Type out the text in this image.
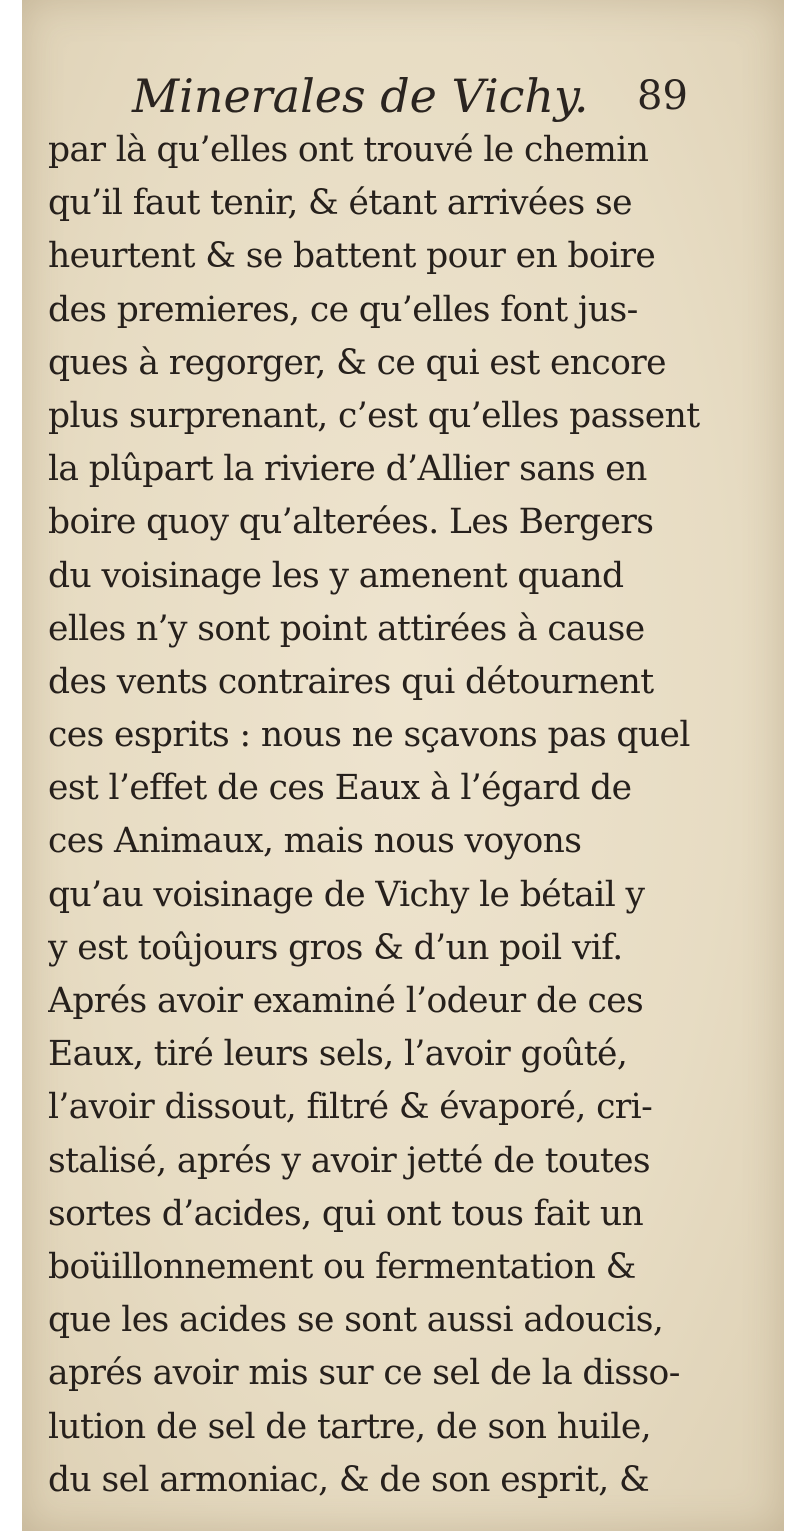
Minerales de Vichy. 89
par là qu’elles ont trouvé le chemin
qu’il faut tenir, & étant arrivées se
heurtent & se battent pour en boire
des premieres, ce qu’elles font jus-
ques à regorger, & ce qui est encore
plus surprenant, c’est qu’elles passent
la plûpart la riviere d’Allier sans en
boire quoy qu’alterées. Les Bergers
du voisinage les y amenent quand
elles n’y sont point attirées à cause
des vents contraires qui détournent
ces esprits : nous ne sçavons pas quel
est l’effet de ces Eaux à l’égard de
ces Animaux, mais nous voyons
qu’au voisinage de Vichy le bétail y
y est toûjours gros & d’un poil vif.
Aprés avoir examiné l’odeur de ces
Eaux, tiré leurs sels, l’avoir goûté,
l’avoir dissout, filtré & évaporé, cri-
stalisé, aprés y avoir jetté de toutes
sortes d’acides, qui ont tous fait un
boüillonnement ou fermentation &
que les acides se sont aussi adoucis,
aprés avoir mis sur ce sel de la disso-
lution de sel de tartre, de son huile,
du sel armoniac, & de son esprit, &
